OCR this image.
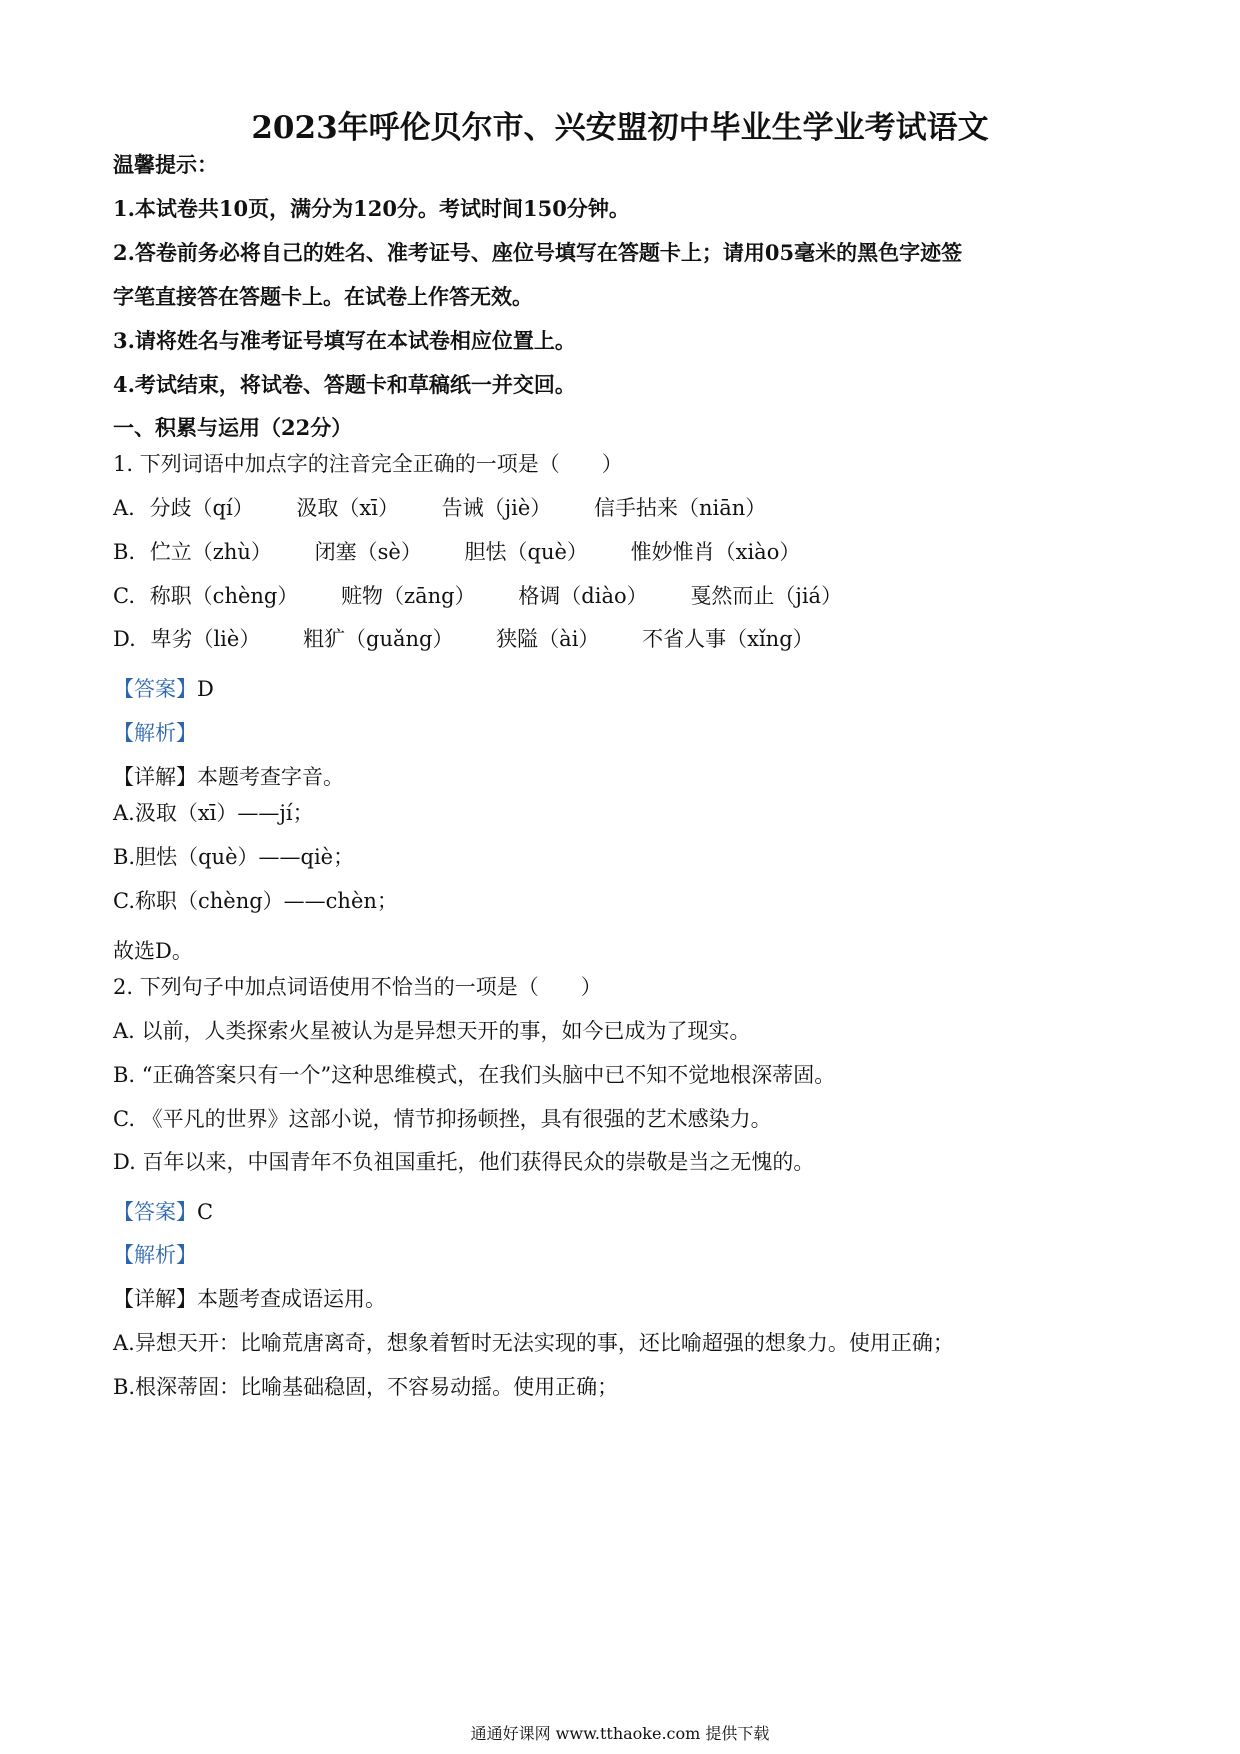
2023年呼伦贝尔市、兴安盟初中毕业生学业考试语文
温馨提示：
1.本试卷共10页，满分为120分。考试时间150分钟。
2.答卷前务必将自己的姓名、准考证号、座位号填写在答题卡上；请用05毫米的黑色字迹签
字笔直接答在答题卡上。在试卷上作答无效。
3.请将姓名与准考证号填写在本试卷相应位置上。
4.考试结束，将试卷、答题卡和草稿纸一并交回。
一、积累与运用（22分）
1. 下列词语中加点字的注音完全正确的一项是（　　）
A. 分歧（qí） 汲取（xī） 告诫（jiè） 信手拈来（niān）
B. 伫立（zhù） 闭塞（sè） 胆怯（què） 惟妙惟肖（xiào）
C. 称职（chèng） 赃物（zāng） 格调（diào） 戛然而止（jiá）
D. 卑劣（liè） 粗犷（guǎng） 狭隘（ài） 不省人事（xǐng）
【答案】D
【解析】
【详解】本题考查字音。
A.汲取（xī）——jí；
B.胆怯（què）——qiè；
C.称职（chèng）——chèn；
故选D。
2. 下列句子中加点词语使用不恰当的一项是（　　）
A. 以前，人类探索火星被认为是异想天开的事，如今已成为了现实。
B. “正确答案只有一个”这种思维模式，在我们头脑中已不知不觉地根深蒂固。
C. 《平凡的世界》这部小说，情节抑扬顿挫，具有很强的艺术感染力。
D. 百年以来，中国青年不负祖国重托，他们获得民众的崇敬是当之无愧的。
【答案】C
【解析】
【详解】本题考查成语运用。
A.异想天开：比喻荒唐离奇，想象着暂时无法实现的事，还比喻超强的想象力。使用正确；
B.根深蒂固：比喻基础稳固，不容易动摇。使用正确；
通通好课网 www.tthaoke.com 提供下载
